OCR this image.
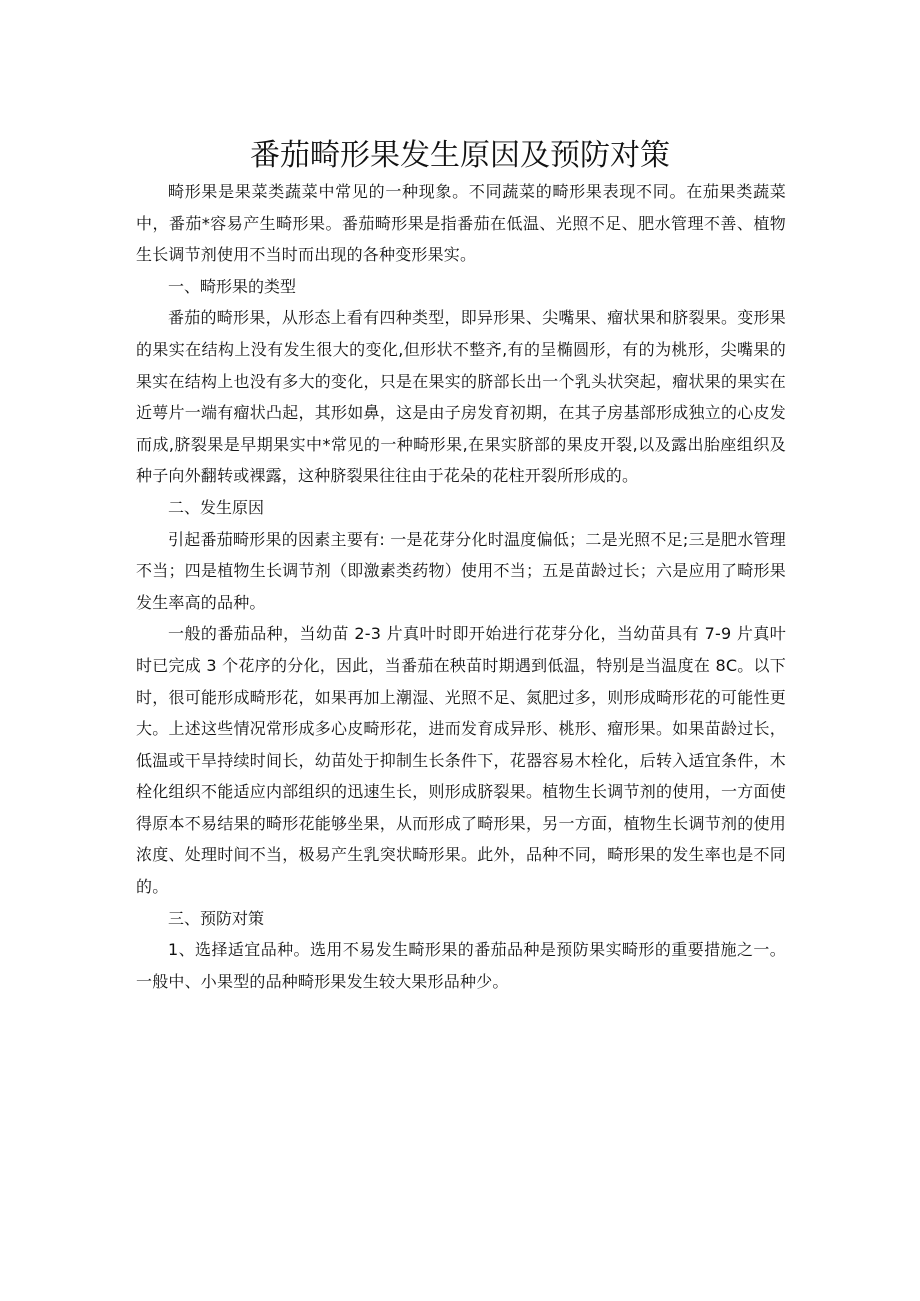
番茄畸形果发生原因及预防对策

畸形果是果菜类蔬菜中常见的一种现象。不同蔬菜的畸形果表现不同。在茄果类蔬菜中，番茄*容易产生畸形果。番茄畸形果是指番茄在低温、光照不足、肥水管理不善、植物生长调节剂使用不当时而出现的各种变形果实。

一、畸形果的类型

番茄的畸形果，从形态上看有四种类型，即异形果、尖嘴果、瘤状果和脐裂果。变形果的果实在结构上没有发生很大的变化,但形状不整齐,有的呈椭圆形，有的为桃形，尖嘴果的果实在结构上也没有多大的变化，只是在果实的脐部长出一个乳头状突起，瘤状果的果实在近萼片一端有瘤状凸起，其形如鼻，这是由子房发育初期，在其子房基部形成独立的心皮发而成,脐裂果是早期果实中*常见的一种畸形果,在果实脐部的果皮开裂,以及露出胎座组织及种子向外翻转或裸露，这种脐裂果往往由于花朵的花柱开裂所形成的。

二、发生原因

引起番茄畸形果的因素主要有: 一是花芽分化时温度偏低；二是光照不足;三是肥水管理不当；四是植物生长调节剂（即激素类药物）使用不当；五是苗龄过长；六是应用了畸形果发生率高的品种。

一般的番茄品种，当幼苗 2-3 片真叶时即开始进行花芽分化，当幼苗具有 7-9 片真叶时已完成 3 个花序的分化，因此，当番茄在秧苗时期遇到低温，特别是当温度在 8C。以下时，很可能形成畸形花，如果再加上潮湿、光照不足、氮肥过多，则形成畸形花的可能性更大。上述这些情况常形成多心皮畸形花，进而发育成异形、桃形、瘤形果。如果苗龄过长，低温或干旱持续时间长，幼苗处于抑制生长条件下，花器容易木栓化，后转入适宜条件，木栓化组织不能适应内部组织的迅速生长，则形成脐裂果。植物生长调节剂的使用，一方面使得原本不易结果的畸形花能够坐果，从而形成了畸形果，另一方面，植物生长调节剂的使用浓度、处理时间不当，极易产生乳突状畸形果。此外，品种不同，畸形果的发生率也是不同的。

三、预防对策

1、选择适宜品种。选用不易发生畸形果的番茄品种是预防果实畸形的重要措施之一。一般中、小果型的品种畸形果发生较大果形品种少。
